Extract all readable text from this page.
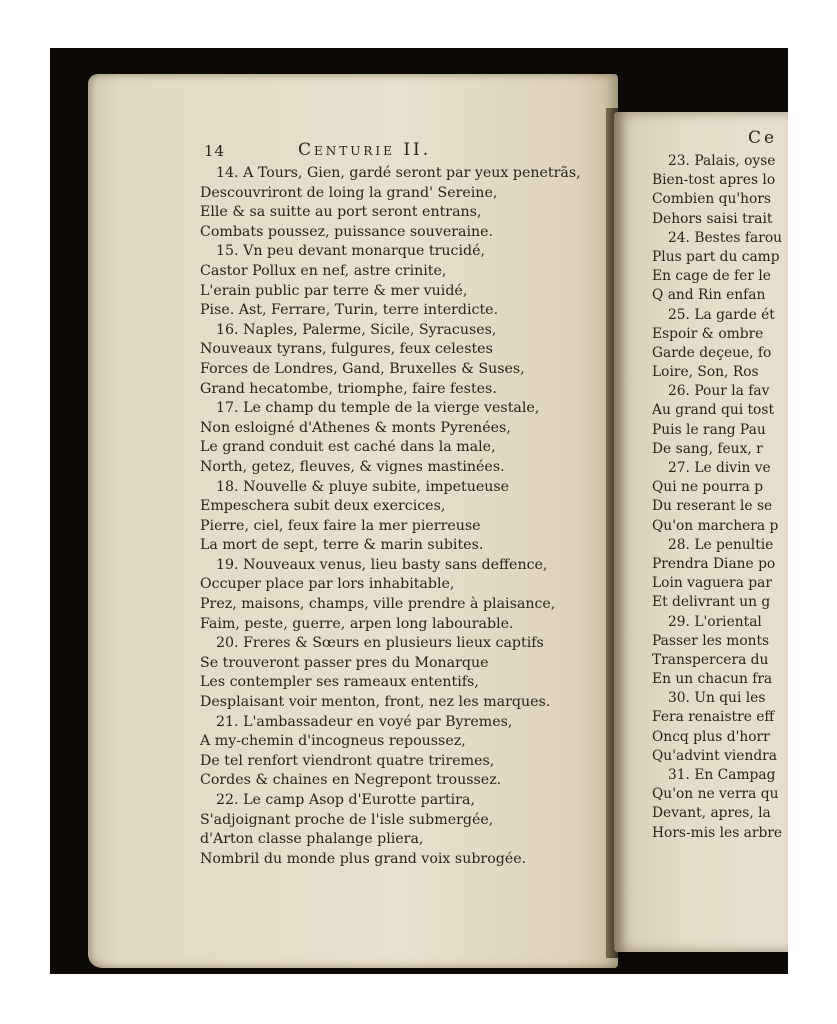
14	Centurie II.
14. A Tours, Gien, gardé seront par yeux penetrãs,
Descouvriront de loing la grand' Sereine,
Elle & sa suitte au port seront entrans,
Combats poussez, puissance souveraine.
15. Vn peu devant monarque trucidé,
Castor Pollux en nef, astre crinite,
L'erain public par terre & mer vuidé,
Pise. Ast, Ferrare, Turin, terre interdicte.
16. Naples, Palerme, Sicile, Syracuses,
Nouveaux tyrans, fulgures, feux celestes
Forces de Londres, Gand, Bruxelles & Suses,
Grand hecatombe, triomphe, faire festes.
17. Le champ du temple de la vierge vestale,
Non esloigné d'Athenes & monts Pyrenées,
Le grand conduit est caché dans la male,
North, getez, fleuves, & vignes mastinées.
18. Nouvelle & pluye subite, impetueuse
Empeschera subit deux exercices,
Pierre, ciel, feux faire la mer pierreuse
La mort de sept, terre & marin subites.
19. Nouveaux venus, lieu basty sans deffence,
Occuper place par lors inhabitable,
Prez, maisons, champs, ville prendre à plaisance,
Faim, peste, guerre, arpen long labourable.
20. Freres & Sœurs en plusieurs lieux captifs
Se trouveront passer pres du Monarque
Les contempler ses rameaux ententifs,
Desplaisant voir menton, front, nez les marques.
21. L'ambassadeur en voyé par Byremes,
A my-chemin d'incogneus repoussez,
De tel renfort viendront quatre triremes,
Cordes & chaines en Negrepont troussez.
22. Le camp Asop d'Eurotte partira,
S'adjoignant proche de l'isle submergée,
d'Arton classe phalange pliera,
Nombril du monde plus grand voix subrogée.
Ce
23. Palais, oyse
Bien-tost apres lo
Combien qu'hors
Dehors saisi trait
24. Bestes farou
Plus part du camp
En cage de fer le
Q and Rin enfan
25. La garde ét
Espoir & ombre
Garde deçeue, fo
Loire, Son, Ros
26. Pour la fav
Au grand qui tost
Puis le rang Pau
De sang, feux, r
27. Le divin ve
Qui ne pourra p
Du reserant le se
Qu'on marchera p
28. Le penultie
Prendra Diane po
Loin vaguera par
Et delivrant un g
29. L'oriental
Passer les monts
Transpercera du
En un chacun fra
30. Un qui les
Fera renaistre eff
Oncq plus d'horr
Qu'advint viendra
31. En Campag
Qu'on ne verra qu
Devant, apres, la
Hors-mis les arbre
